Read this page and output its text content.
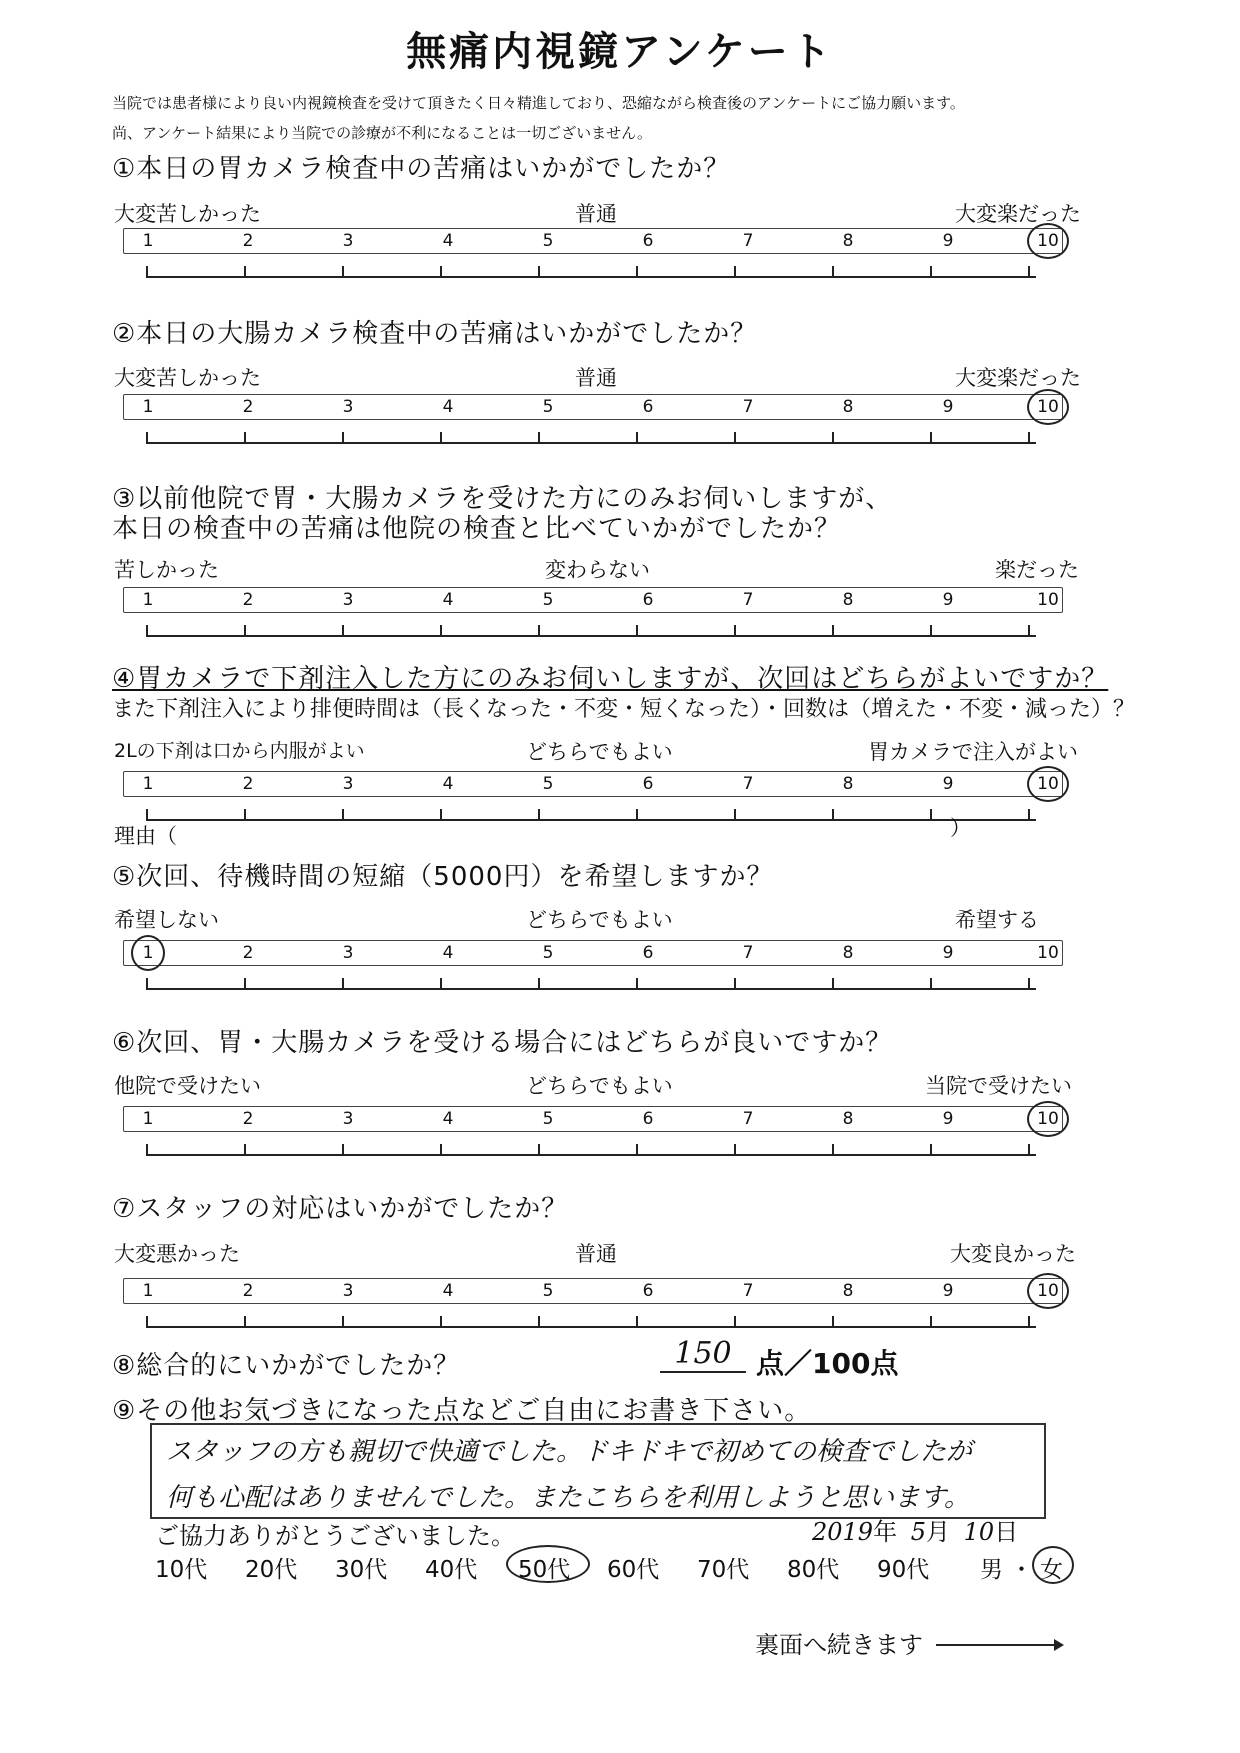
無痛内視鏡アンケート
当院では患者様により良い内視鏡検査を受けて頂きたく日々精進しており、恐縮ながら検査後のアンケートにご協力願います。
尚、アンケート結果により当院での診療が不利になることは一切ございません。
①本日の胃カメラ検査中の苦痛はいかがでしたか？
大変苦しかった	普通	大変楽だった
1	2	3	4	5	6	7	8	9	10
②本日の大腸カメラ検査中の苦痛はいかがでしたか？
大変苦しかった	普通	大変楽だった
1	2	3	4	5	6	7	8	9	10
③以前他院で胃・大腸カメラを受けた方にのみお伺いしますが、
本日の検査中の苦痛は他院の検査と比べていかがでしたか？
苦しかった	変わらない	楽だった
1	2	3	4	5	6	7	8	9	10
④胃カメラで下剤注入した方にのみお伺いしますが、次回はどちらがよいですか？
また下剤注入により排便時間は（長くなった・不変・短くなった）・回数は（増えた・不変・減った）？
2Lの下剤は口から内服がよい	どちらでもよい	胃カメラで注入がよい
1	2	3	4	5	6	7	8	9	10
理由（	）
⑤次回、待機時間の短縮（5000円）を希望しますか？
希望しない	どちらでもよい	希望する
1	2	3	4	5	6	7	8	9	10
⑥次回、胃・大腸カメラを受ける場合にはどちらが良いですか？
他院で受けたい	どちらでもよい	当院で受けたい
1	2	3	4	5	6	7	8	9	10
⑦スタッフの対応はいかがでしたか？
大変悪かった	普通	大変良かった
1	2	3	4	5	6	7	8	9	10
⑧総合的にいかがでしたか？	150 点／100点
⑨その他お気づきになった点などご自由にお書き下さい。
スタッフの方も親切で快適でした。ドキドキで初めての検査でしたが
何も心配はありませんでした。またこちらを利用しようと思います。
ご協力ありがとうございました。	2019年 5月 10日
10代 20代 30代 40代 50代 60代 70代 80代 90代 男 ・ 女
裏面へ続きます
